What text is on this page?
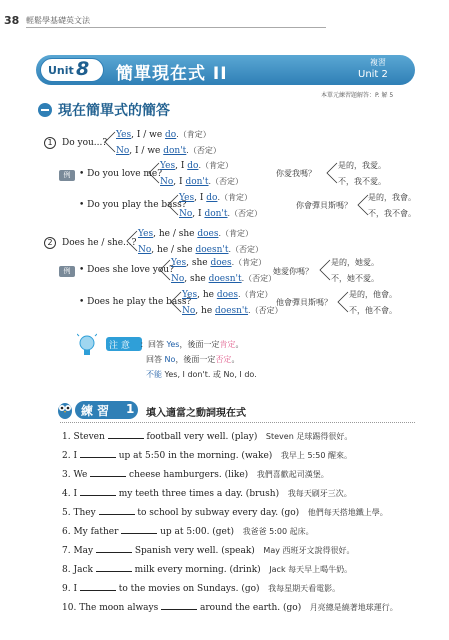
38 輕鬆學基礎英文法
Unit 8 簡單現在式 II
複習
Unit 2
本單元練習題解答：P. 解 5
現在簡單式的簡答
1	Do you...?
Yes, I / we do.（肯定）
No, I / we don't.（否定）
例 • Do you love me?
Yes, I do.（肯定）
No, I don't.（否定）
你愛我嗎？
是的，我愛。
不，我不愛。
• Do you play the bass?
Yes, I do.（肯定）
No, I don't.（否定）
你會彈貝斯嗎？
是的，我會。
不，我不會。
2	Does he / she...?
Yes, he / she does.（肯定）
No, he / she doesn't.（否定）
例 • Does she love you?
Yes, she does.（肯定）
No, she doesn't.（否定）
她愛你嗎？
是的，她愛。
不，她不愛。
• Does he play the bass?
Yes, he does.（肯定）
No, he doesn't.（否定）
他會彈貝斯嗎？
是的，他會。
不，他不會。
注 意 ：回答 Yes，後面一定肯定。
回答 No，後面一定否定。
不能 Yes, I don't. 或 No, I do.
練 習 1 填入適當之動詞現在式
1. Steven	football very well. (play) Steven 足球踢得很好。
2. I	up at 5:50 in the morning. (wake) 我早上 5:50 醒來。
3. We	cheese hamburgers. (like) 我們喜歡起司漢堡。
4. I	my teeth three times a day. (brush) 我每天刷牙三次。
5. They	to school by subway every day. (go) 他們每天搭地鐵上學。
6. My father	up at 5:00. (get) 我爸爸 5:00 起床。
7. May	Spanish very well. (speak) May 西班牙文說得很好。
8. Jack	milk every morning. (drink) Jack 每天早上喝牛奶。
9. I	to the movies on Sundays. (go) 我每星期天看電影。
10. The moon always	around the earth. (go) 月亮總是繞著地球運行。
